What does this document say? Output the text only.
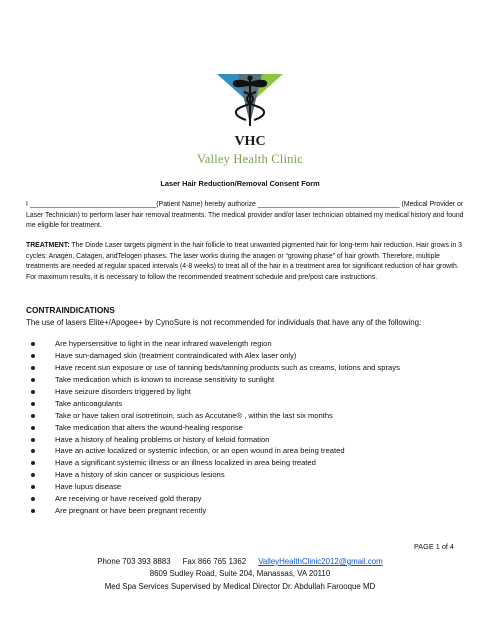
VHC
Valley Health Clinic
Laser Hair Reduction/Removal Consent Form
I _________________________________(Patient Name) hereby authorize _____________________________________ (Medical Provider or Laser Technician) to perform laser hair removal treatments. The medical provider and/or laser technician obtained my medical history and found me eligible for treatment.
TREATMENT: The Diode Laser targets pigment in the hair follicle to treat unwanted pigmented hair for long-term hair reduction. Hair grows in 3 cycles: Anagen, Catagen, andTelogen phases. The laser works during the anagen or “growing phase” of hair growth. Therefore, multiple treatments are needed at regular spaced intervals (4-8 weeks) to treat all of the hair in a treatment area for significant reduction of hair growth. For maximum results, it is necessary to follow the recommended treatment schedule and pre/post care instructions.
CONTRAINDICATIONS
The use of lasers Elite+/Apogee+ by CynoSure is not recommended for individuals that have any of the following:
Are hypersensitive to light in the near infrared wavelength region
Have sun-damaged skin (treatment contraindicated with Alex laser only)
Have recent sun exposure or use of tanning beds/tanning products such as creams, lotions and sprays
Take medication which is known to increase sensitivity to sunlight
Have seizure disorders triggered by light
Take anticoagulants
Take or have taken oral isotretinoin, such as Accutane® , within the last six months
Take medication that alters the wound-healing response
Have a history of healing problems or history of keloid formation
Have an active localized or systemic infection, or an open wound in area being treated
Have a significant systemic illness or an illness localized in area being treated
Have a history of skin cancer or suspicious lesions
Have lupus disease
Are receiving or have received gold therapy
Are pregnant or have been pregnant recently
PAGE 1 of 4
Phone 703 393 8883 Fax 866 765 1362 ValleyHealthClinic2012@gmail.com
8609 Sudley Road, Suite 204, Manassas, VA 20110
Med Spa Services Supervised by Medical Director Dr. Abdullah Farooque MD
